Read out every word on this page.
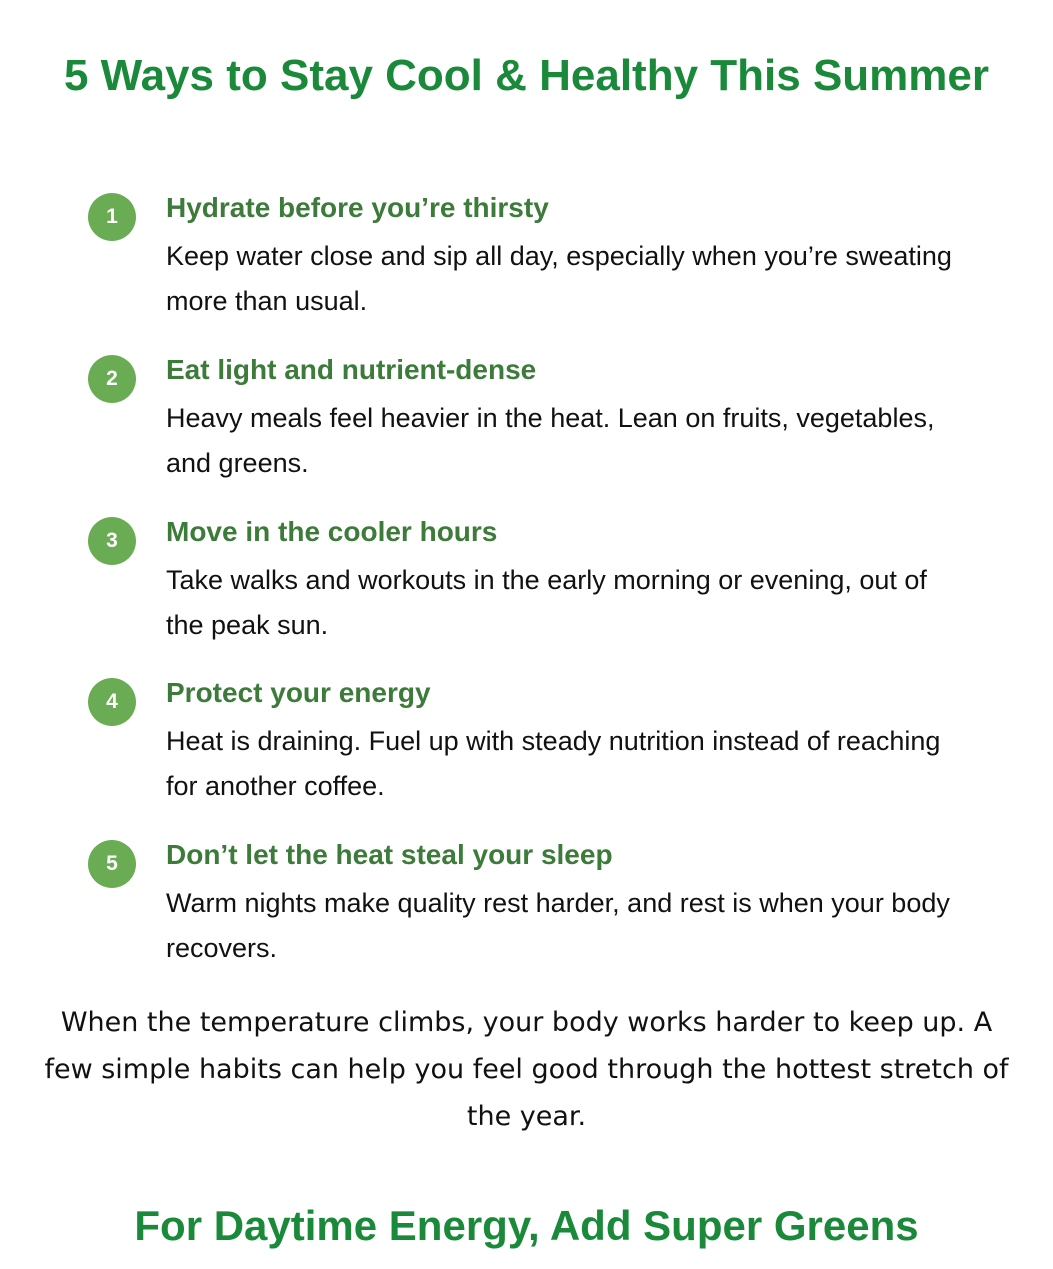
5 Ways to Stay Cool & Healthy This Summer
1	Hydrate before you’re thirsty
Keep water close and sip all day, especially when you’re sweating more than usual.
2	Eat light and nutrient-dense
Heavy meals feel heavier in the heat. Lean on fruits, vegetables, and greens.
3	Move in the cooler hours
Take walks and workouts in the early morning or evening, out of the peak sun.
4	Protect your energy
Heat is draining. Fuel up with steady nutrition instead of reaching for another coffee.
5	Don’t let the heat steal your sleep
Warm nights make quality rest harder, and rest is when your body recovers.

When the temperature climbs, your body works harder to keep up. A few simple habits can help you feel good through the hottest stretch of the year.

For Daytime Energy, Add Super Greens
